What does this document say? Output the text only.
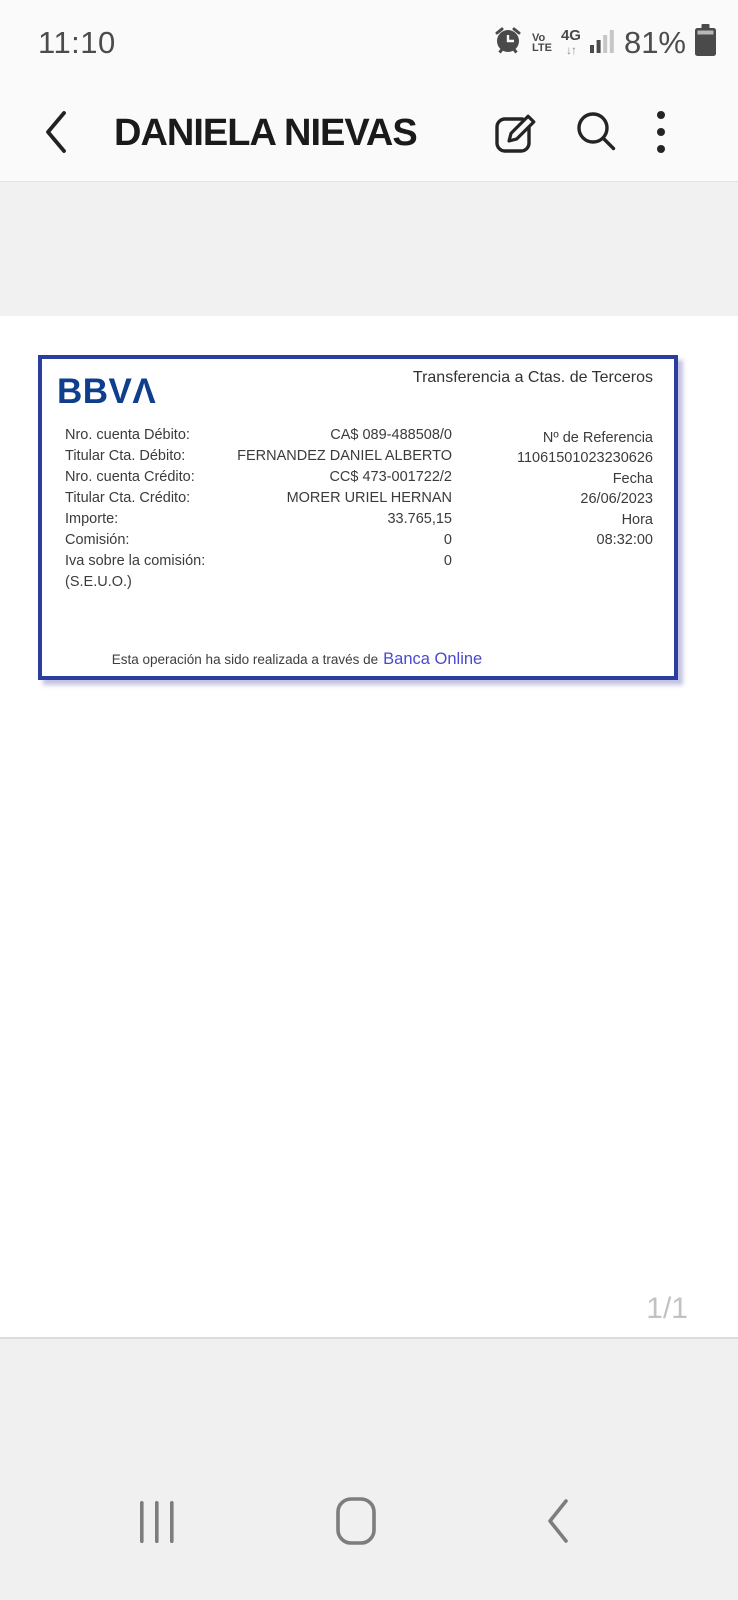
11:10	Vo
LTE
4G
↓↑ 81%
DANIELA NIEVAS
BBVΛ	Transferencia a Ctas. de Terceros
Nro. cuenta Débito:	CA$ 089-488508/0
Titular Cta. Débito:	FERNANDEZ DANIEL ALBERTO
Nro. cuenta Crédito:	CC$ 473-001722/2
Titular Cta. Crédito:	MORER URIEL HERNAN
Importe:	33.765,15
Comisión:	0
Iva sobre la comisión:	0
(S.E.U.O.)
Nº de Referencia
11061501023230626
Fecha
26/06/2023
Hora
08:32:00
Esta operación ha sido realizada a través de Banca Online
1/1
